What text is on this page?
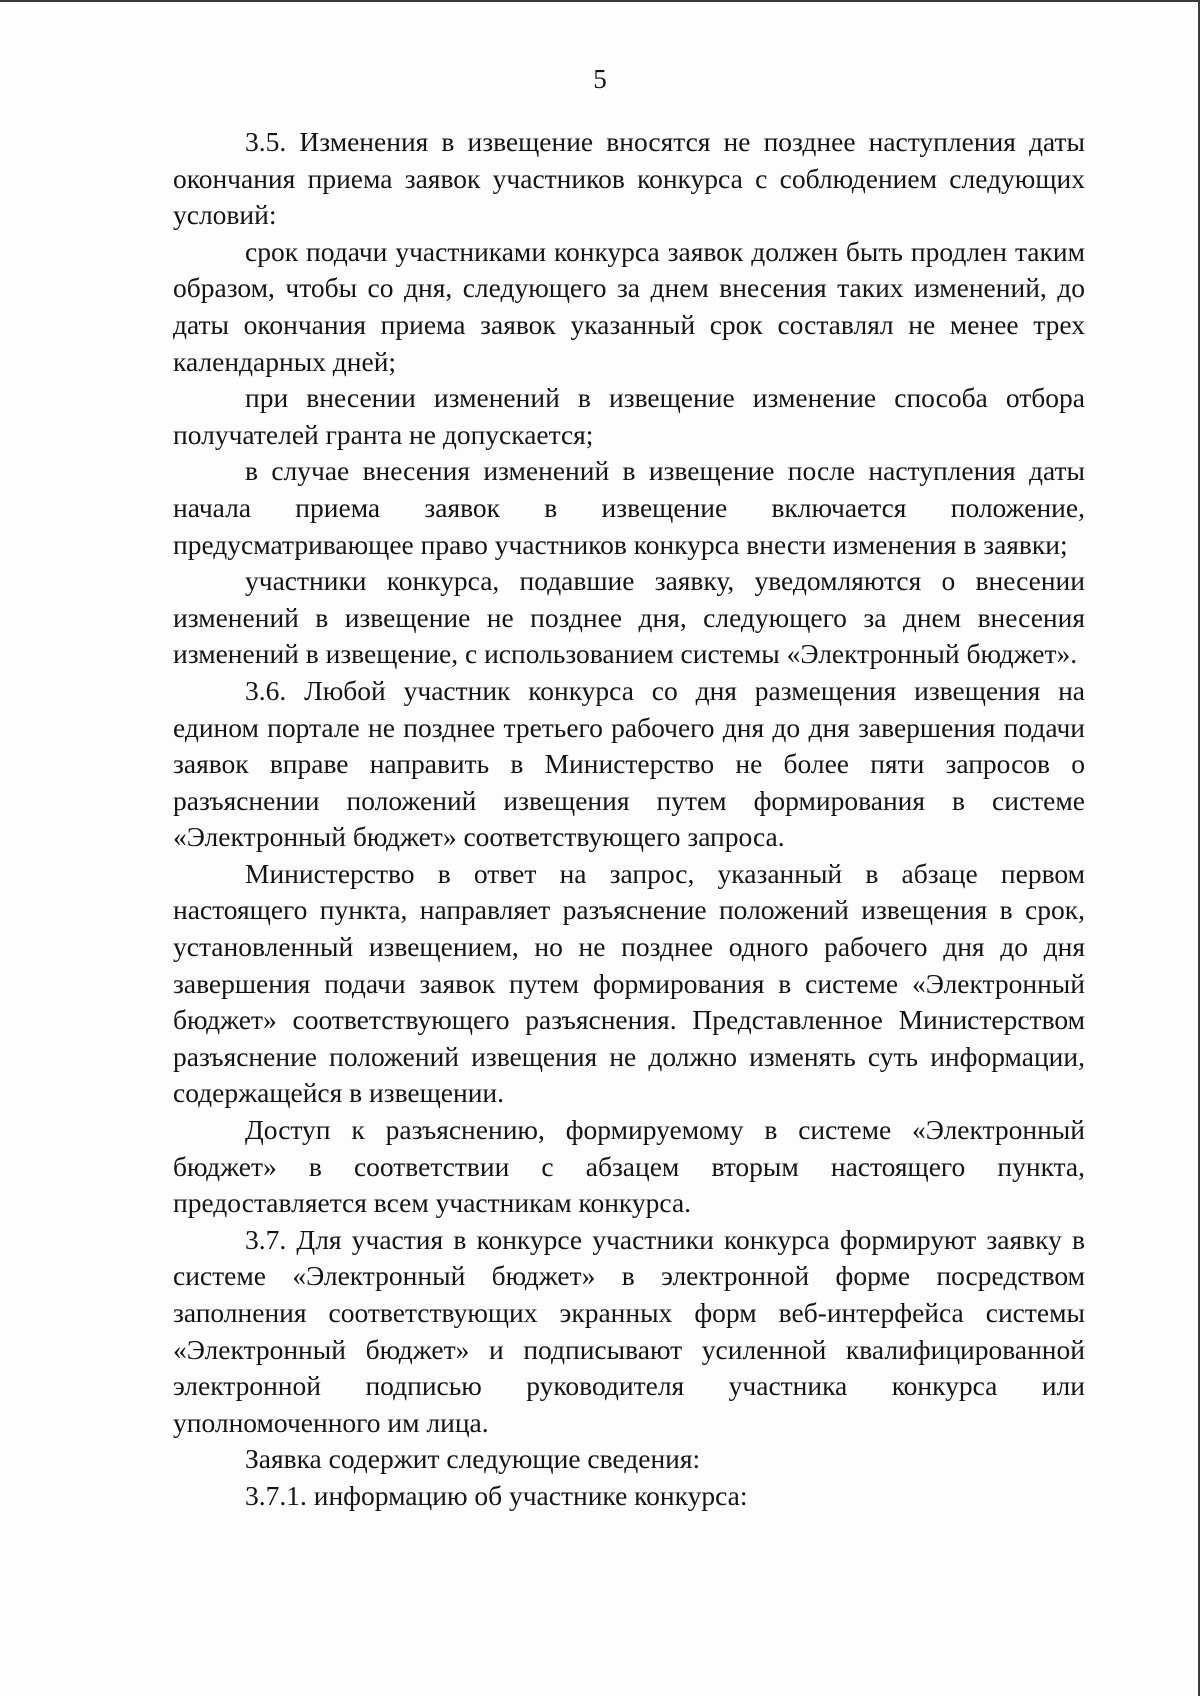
5

3.5. Изменения в извещение вносятся не позднее наступления даты окончания приема заявок участников конкурса с соблюдением следующих условий:

срок подачи участниками конкурса заявок должен быть продлен таким образом, чтобы со дня, следующего за днем внесения таких изменений, до даты окончания приема заявок указанный срок составлял не менее трех календарных дней;

при внесении изменений в извещение изменение способа отбора получателей гранта не допускается;

в случае внесения изменений в извещение после наступления даты начала приема заявок в извещение включается положение, предусматривающее право участников конкурса внести изменения в заявки;

участники конкурса, подавшие заявку, уведомляются о внесении изменений в извещение не позднее дня, следующего за днем внесения изменений в извещение, с использованием системы «Электронный бюджет».

3.6. Любой участник конкурса со дня размещения извещения на едином портале не позднее третьего рабочего дня до дня завершения подачи заявок вправе направить в Министерство не более пяти запросов о разъяснении положений извещения путем формирования в системе «Электронный бюджет» соответствующего запроса.

Министерство в ответ на запрос, указанный в абзаце первом настоящего пункта, направляет разъяснение положений извещения в срок, установленный извещением, но не позднее одного рабочего дня до дня завершения подачи заявок путем формирования в системе «Электронный бюджет» соответствующего разъяснения. Представленное Министерством разъяснение положений извещения не должно изменять суть информации, содержащейся в извещении.

Доступ к разъяснению, формируемому в системе «Электронный бюджет» в соответствии с абзацем вторым настоящего пункта, предоставляется всем участникам конкурса.

3.7. Для участия в конкурсе участники конкурса формируют заявку в системе «Электронный бюджет» в электронной форме посредством заполнения соответствующих экранных форм веб-интерфейса системы «Электронный бюджет» и подписывают усиленной квалифицированной электронной подписью руководителя участника конкурса или уполномоченного им лица.

Заявка содержит следующие сведения:

3.7.1. информацию об участнике конкурса:
